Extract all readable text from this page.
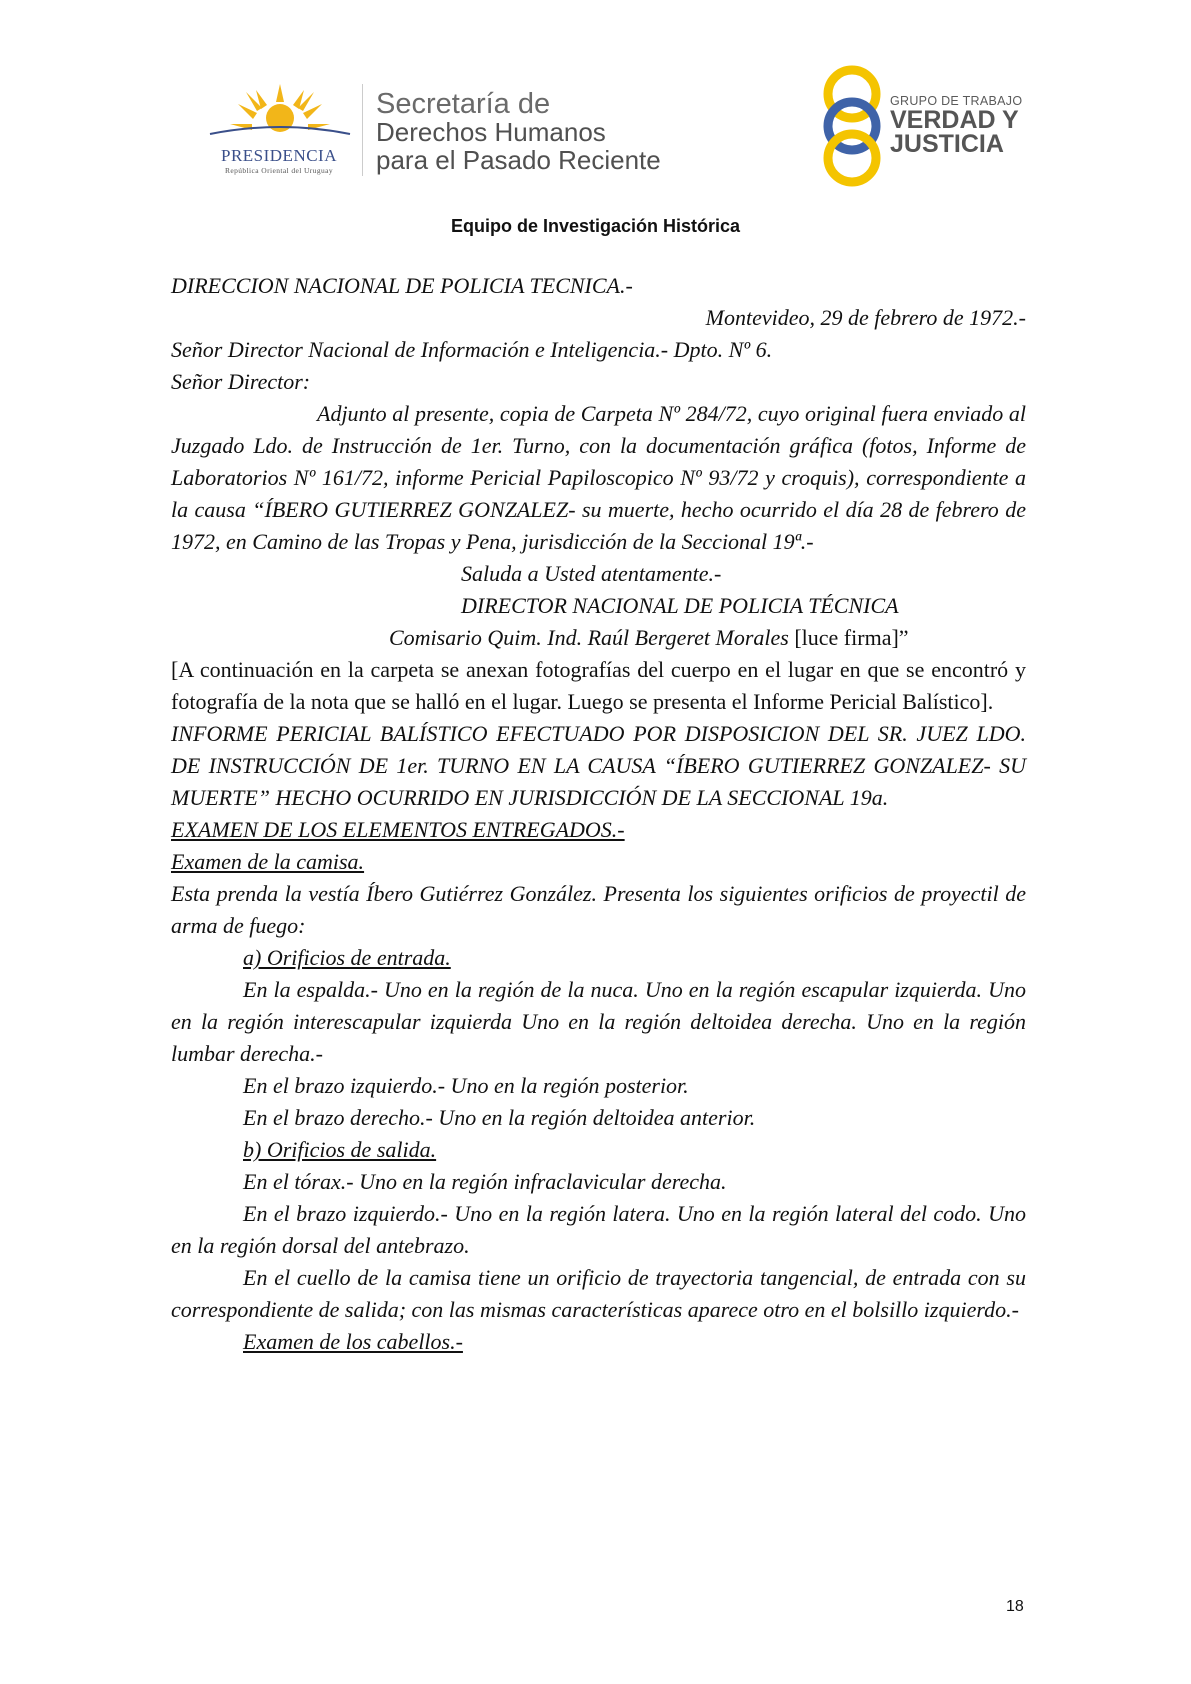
PRESIDENCIA
República Oriental del Uruguay
Secretaría de
Derechos Humanos
para el Pasado Reciente
GRUPO DE TRABAJO
VERDAD Y
JUSTICIA
Equipo de Investigación Histórica

DIRECCION NACIONAL DE POLICIA TECNICA.-

Montevideo, 29 de febrero de 1972.-

Señor Director Nacional de Información e Inteligencia.- Dpto. Nº 6.

Señor Director:

Adjunto al presente, copia de Carpeta Nº 284/72, cuyo original fuera enviado al Juzgado Ldo. de Instrucción de 1er. Turno, con la documentación gráfica (fotos, Informe de Laboratorios Nº 161/72, informe Pericial Papiloscopico Nº 93/72 y croquis), correspondiente a la causa “ÍBERO GUTIERREZ GONZALEZ- su muerte, hecho ocurrido el día 28 de febrero de 1972, en Camino de las Tropas y Pena, jurisdicción de la Seccional 19ª.-

Saluda a Usted atentamente.-

DIRECTOR NACIONAL DE POLICIA TÉCNICA

Comisario Quim. Ind. Raúl Bergeret Morales [luce firma]”

[A continuación en la carpeta se anexan fotografías del cuerpo en el lugar en que se encontró y fotografía de la nota que se halló en el lugar. Luego se presenta el Informe Pericial Balístico].

INFORME PERICIAL BALÍSTICO EFECTUADO POR DISPOSICION DEL SR. JUEZ LDO. DE INSTRUCCIÓN DE 1er. TURNO EN LA CAUSA “ÍBERO GUTIERREZ GONZALEZ- SU MUERTE” HECHO OCURRIDO EN JURISDICCIÓN DE LA SECCIONAL 19a.

EXAMEN DE LOS ELEMENTOS ENTREGADOS.-

Examen de la camisa.

Esta prenda la vestía Íbero Gutiérrez González. Presenta los siguientes orificios de proyectil de arma de fuego:

a) Orificios de entrada.

En la espalda.- Uno en la región de la nuca. Uno en la región escapular izquierda. Uno en la región interescapular izquierda Uno en la región deltoidea derecha. Uno en la región lumbar derecha.-

En el brazo izquierdo.- Uno en la región posterior.

En el brazo derecho.- Uno en la región deltoidea anterior.

b) Orificios de salida.

En el tórax.- Uno en la región infraclavicular derecha.

En el brazo izquierdo.- Uno en la región latera. Uno en la región lateral del codo. Uno en la región dorsal del antebrazo.

En el cuello de la camisa tiene un orificio de trayectoria tangencial, de entrada con su correspondiente de salida; con las mismas características aparece otro en el bolsillo izquierdo.-

Examen de los cabellos.-

18
